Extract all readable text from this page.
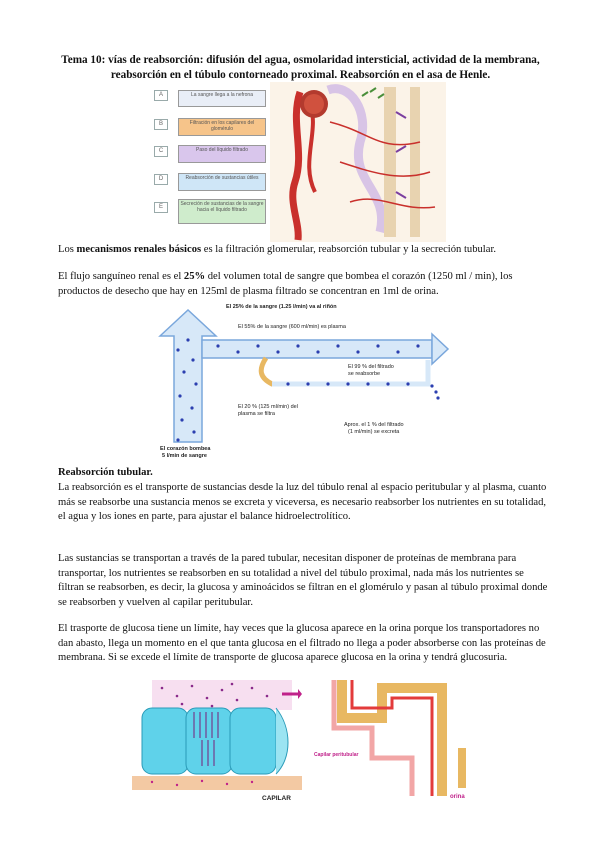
Tema 10: vías de reabsorción: difusión del agua, osmolaridad intersticial, actividad de la membrana, reabsorción en el túbulo contorneado proximal. Reabsorción en el asa de Henle.
A	La sangre llega a la nefrona
B	Filtración en los capilares del glomérulo
C	Paso del líquido filtrado
D	Reabsorción de sustancias útiles
E	Secreción de sustancias de la sangre hacia el líquido filtrado
Los mecanismos renales básicos es la filtración glomerular, reabsorción tubular y la secreción tubular.
El flujo sanguíneo renal es el 25% del volumen total de sangre que bombea el corazón (1250 ml / min), los productos de desecho que hay en 125ml de plasma filtrado se concentran en 1ml de orina.
El 25% de la sangre (1.25 l/min) va al riñón
El 55% de la sangre (600 ml/min) es plasma
El 99 % del filtrado
se reabsorbe
El 20 % (125 ml/min) del
plasma se filtra
Aprox. el 1 % del filtrado
(1 ml/min) se excreta
El corazón bombea
5 l/min de sangre
Reabsorción tubular.
La reabsorción es el transporte de sustancias desde la luz del túbulo renal al espacio peritubular y al plasma, cuanto más se reabsorbe una sustancia menos se excreta y viceversa, es necesario reabsorber los nutrientes en su totalidad, el agua y los iones en parte, para ajustar el balance hidroelectrolítico.
Las sustancias se transportan a través de la pared tubular, necesitan disponer de proteínas de membrana para transportar, los nutrientes se reabsorben en su totalidad a nivel del túbulo proximal, nada más los nutrientes se filtran se reabsorben, es decir, la glucosa y aminoácidos se filtran en el glomérulo y pasan al túbulo proximal donde se reabsorben y vuelven al capilar peritubular.
El trasporte de glucosa tiene un límite, hay veces que la glucosa aparece en la orina porque los transportadores no dan abasto, llega un momento en el que tanta glucosa en el filtrado no llega a poder absorberse con las proteínas de membrana. Si se excede el límite de transporte de glucosa aparece glucosa en la orina y tendrá glucosuria.
CAPILAR
Capilar peritubular
orina
